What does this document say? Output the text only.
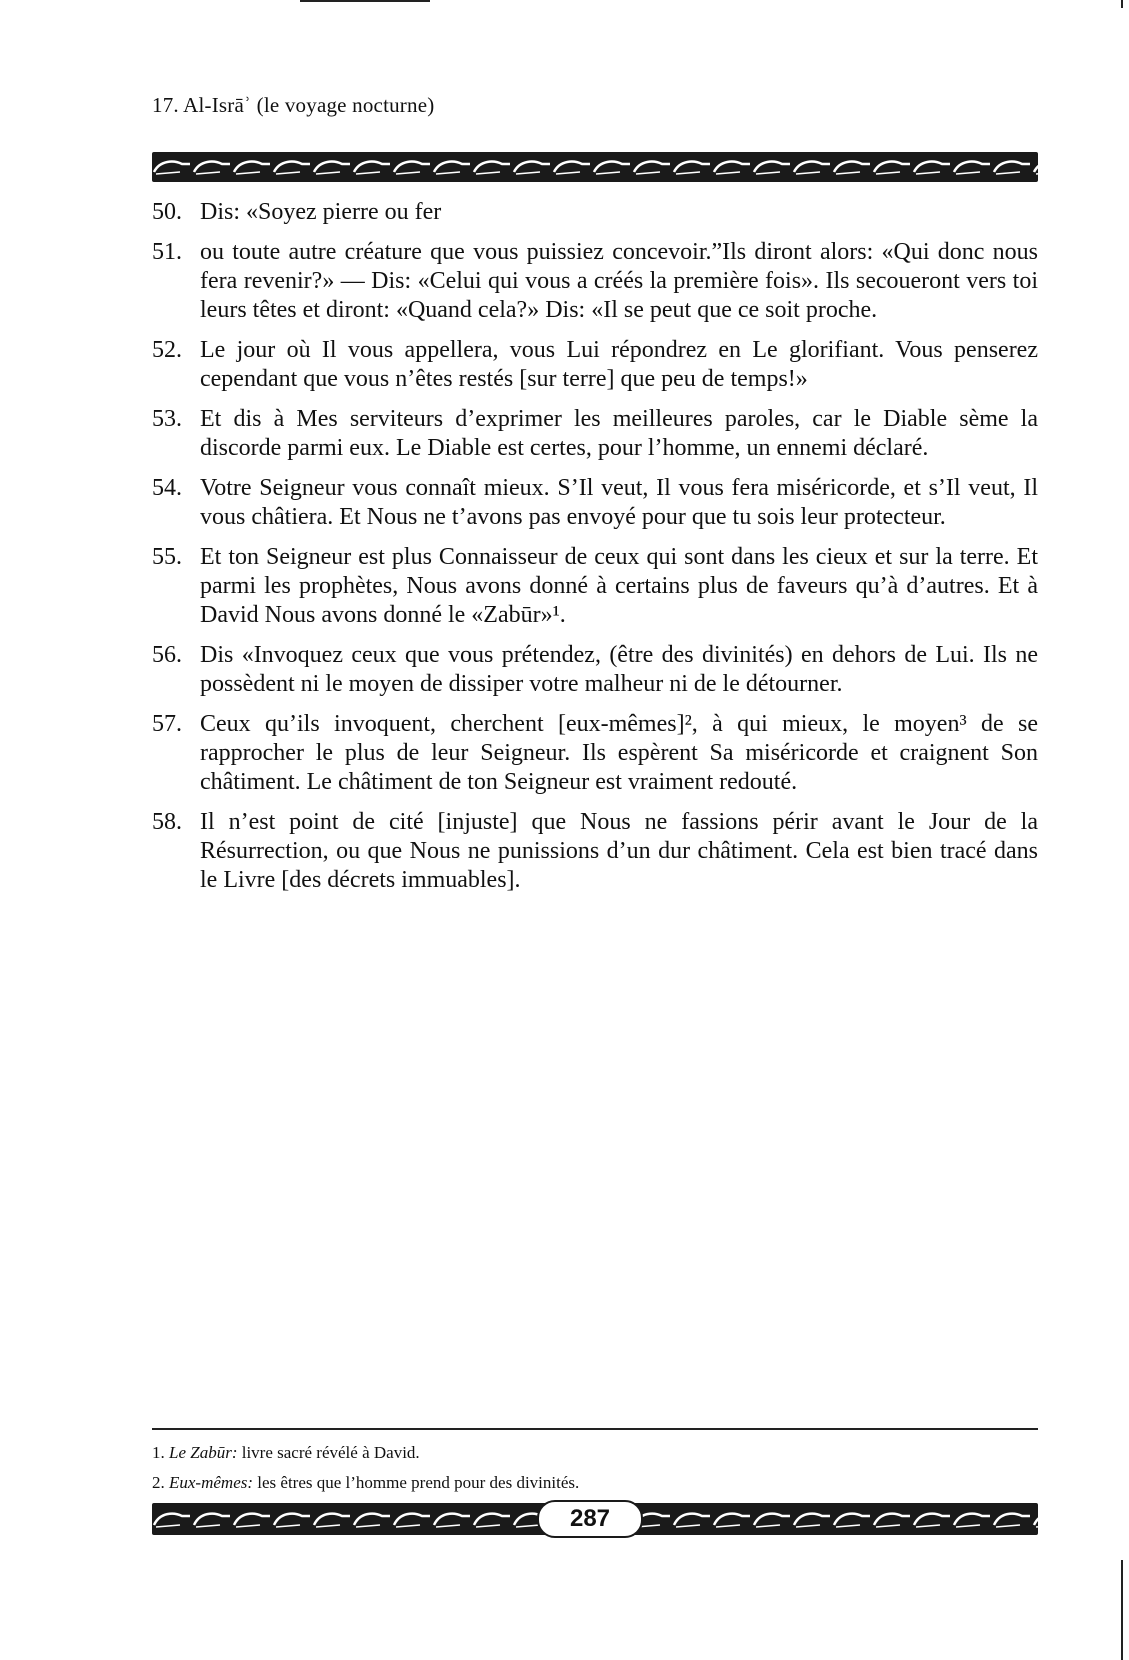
17. Al-Isrāʾ (le voyage nocturne)
50. Dis: «Soyez pierre ou fer
51. ou toute autre créature que vous puissiez concevoir.”Ils diront alors: «Qui donc nous fera revenir?» — Dis: «Celui qui vous a créés la première fois». Ils secoueront vers toi leurs têtes et diront: «Quand cela?» Dis: «Il se peut que ce soit proche.
52. Le jour où Il vous appellera, vous Lui répondrez en Le glorifiant. Vous penserez cependant que vous n’êtes restés [sur terre] que peu de temps!»
53. Et dis à Mes serviteurs d’exprimer les meilleures paroles, car le Diable sème la discorde parmi eux. Le Diable est certes, pour l’homme, un ennemi déclaré.
54. Votre Seigneur vous connaît mieux. S’Il veut, Il vous fera miséricorde, et s’Il veut, Il vous châtiera. Et Nous ne t’avons pas envoyé pour que tu sois leur protecteur.
55. Et ton Seigneur est plus Connaisseur de ceux qui sont dans les cieux et sur la terre. Et parmi les prophètes, Nous avons donné à certains plus de faveurs qu’à d’autres. Et à David Nous avons donné le «Zabūr»¹.
56. Dis «Invoquez ceux que vous prétendez, (être des divinités) en dehors de Lui. Ils ne possèdent ni le moyen de dissiper votre malheur ni de le détourner.
57. Ceux qu’ils invoquent, cherchent [eux-mêmes]², à qui mieux, le moyen³ de se rapprocher le plus de leur Seigneur. Ils espèrent Sa miséricorde et craignent Son châtiment. Le châtiment de ton Seigneur est vraiment redouté.
58. Il n’est point de cité [injuste] que Nous ne fassions périr avant le Jour de la Résurrection, ou que Nous ne punissions d’un dur châtiment. Cela est bien tracé dans le Livre [des décrets immuables].
1. Le Zabūr: livre sacré révélé à David.
2. Eux-mêmes: les êtres que l’homme prend pour des divinités.
287
